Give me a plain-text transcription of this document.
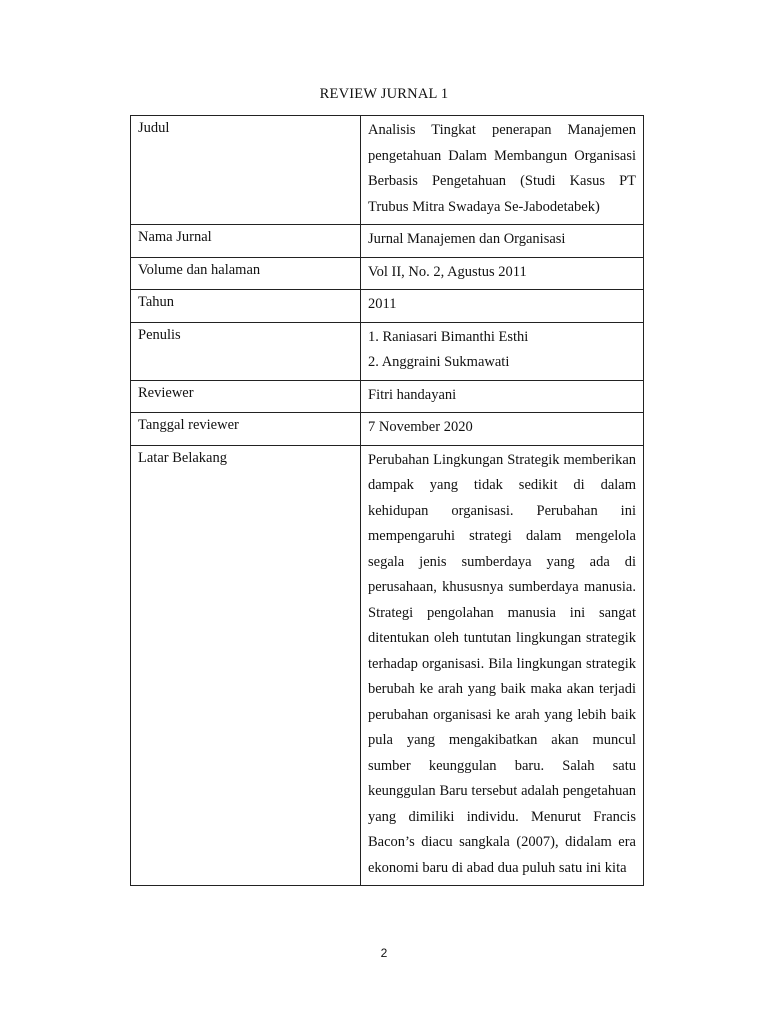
REVIEW JURNAL 1
Judul	Analisis Tingkat penerapan Manajemen pengetahuan Dalam Membangun Organisasi Berbasis Pengetahuan (Studi Kasus PT Trubus Mitra Swadaya Se-Jabodetabek)
Nama Jurnal	Jurnal Manajemen dan Organisasi
Volume dan halaman	Vol II, No. 2, Agustus 2011
Tahun	2011
Penulis	1. Raniasari Bimanthi Esthi
2. Anggraini Sukmawati

Reviewer	Fitri handayani
Tanggal reviewer	7 November 2020
Latar Belakang	Perubahan Lingkungan Strategik memberikan dampak yang tidak sedikit di dalam kehidupan organisasi. Perubahan ini mempengaruhi strategi dalam mengelola segala jenis sumberdaya yang ada di perusahaan, khususnya sumberdaya manusia. Strategi pengolahan manusia ini sangat ditentukan oleh tuntutan lingkungan strategik terhadap organisasi. Bila lingkungan strategik berubah ke arah yang baik maka akan terjadi perubahan organisasi ke arah yang lebih baik pula yang mengakibatkan akan muncul sumber keunggulan baru. Salah satu keunggulan Baru tersebut adalah pengetahuan yang dimiliki individu. Menurut Francis Bacon’s diacu sangkala (2007), didalam era ekonomi baru di abad dua puluh satu ini kita
2
